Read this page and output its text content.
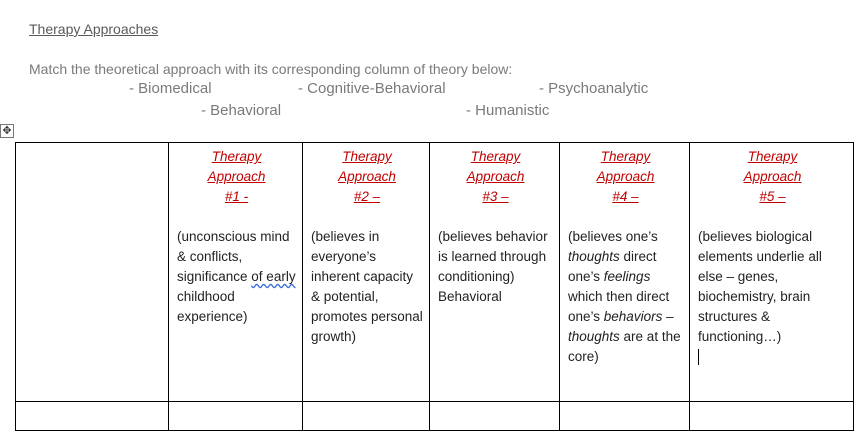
Therapy Approaches
Match the theoretical approach with its corresponding column of theory below:
- Biomedical	- Cognitive-Behavioral	- Psychoanalytic
- Behavioral	- Humanistic
✥

	Therapy
Approach
#1 -
(unconscious mind & conflicts, significance of early childhood experience)	Therapy
Approach
#2 –
(believes in everyone’s inherent capacity & potential, promotes personal growth)	Therapy
Approach
#3 –
(believes behavior is learned through conditioning)
Behavioral	Therapy
Approach
#4 –
(believes one’s thoughts direct one’s feelings which then direct one’s behaviors – thoughts are at the core)	Therapy
Approach
#5 –
(believes biological elements underlie all else – genes, biochemistry, brain structures & functioning…)
